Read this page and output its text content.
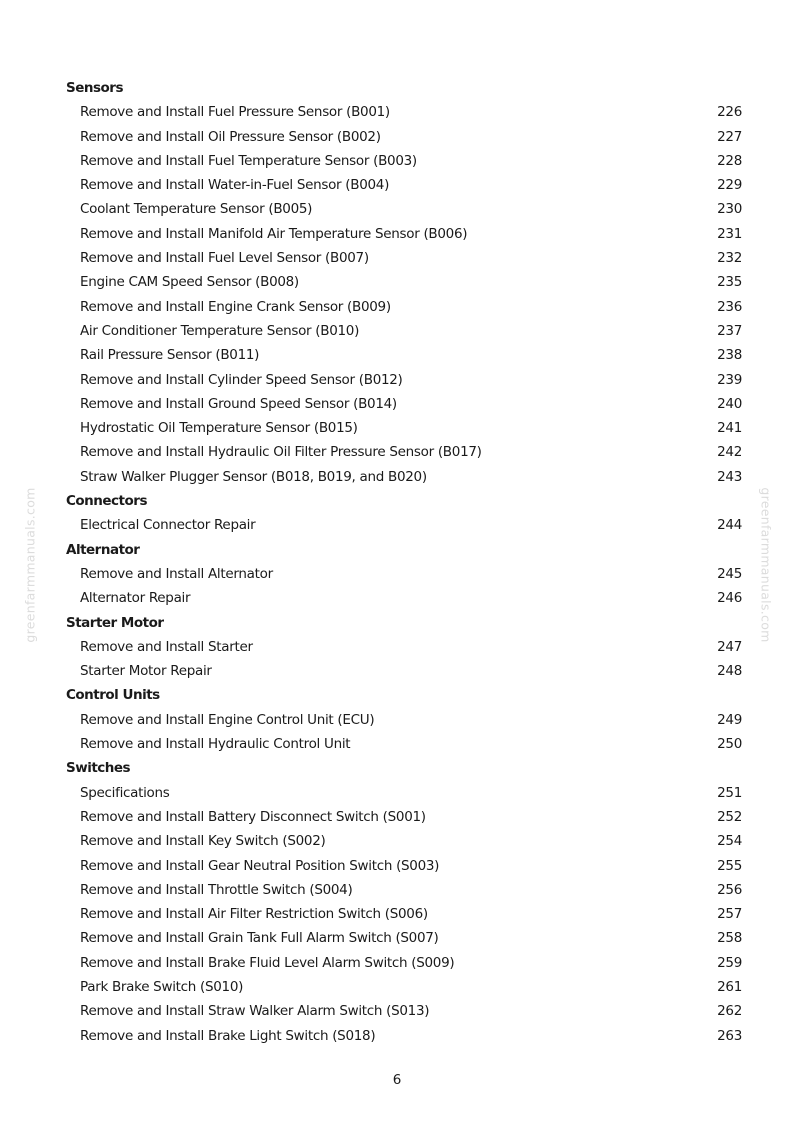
greenfarmmanuals.com	greenfarmmanuals.com
Sensors
Remove and Install Fuel Pressure Sensor (B001)	226
Remove and Install Oil Pressure Sensor (B002)	227
Remove and Install Fuel Temperature Sensor (B003)	228
Remove and Install Water-in-Fuel Sensor (B004)	229
Coolant Temperature Sensor (B005)	230
Remove and Install Manifold Air Temperature Sensor (B006)	231
Remove and Install Fuel Level Sensor (B007)	232
Engine CAM Speed Sensor (B008)	235
Remove and Install Engine Crank Sensor (B009)	236
Air Conditioner Temperature Sensor (B010)	237
Rail Pressure Sensor (B011)	238
Remove and Install Cylinder Speed Sensor (B012)	239
Remove and Install Ground Speed Sensor (B014)	240
Hydrostatic Oil Temperature Sensor (B015)	241
Remove and Install Hydraulic Oil Filter Pressure Sensor (B017)	242
Straw Walker Plugger Sensor (B018, B019, and B020)	243
Connectors
Electrical Connector Repair	244
Alternator
Remove and Install Alternator	245
Alternator Repair	246
Starter Motor
Remove and Install Starter	247
Starter Motor Repair	248
Control Units
Remove and Install Engine Control Unit (ECU)	249
Remove and Install Hydraulic Control Unit	250
Switches
Specifications	251
Remove and Install Battery Disconnect Switch (S001)	252
Remove and Install Key Switch (S002)	254
Remove and Install Gear Neutral Position Switch (S003)	255
Remove and Install Throttle Switch (S004)	256
Remove and Install Air Filter Restriction Switch (S006)	257
Remove and Install Grain Tank Full Alarm Switch (S007)	258
Remove and Install Brake Fluid Level Alarm Switch (S009)	259
Park Brake Switch (S010)	261
Remove and Install Straw Walker Alarm Switch (S013)	262
Remove and Install Brake Light Switch (S018)	263
6
